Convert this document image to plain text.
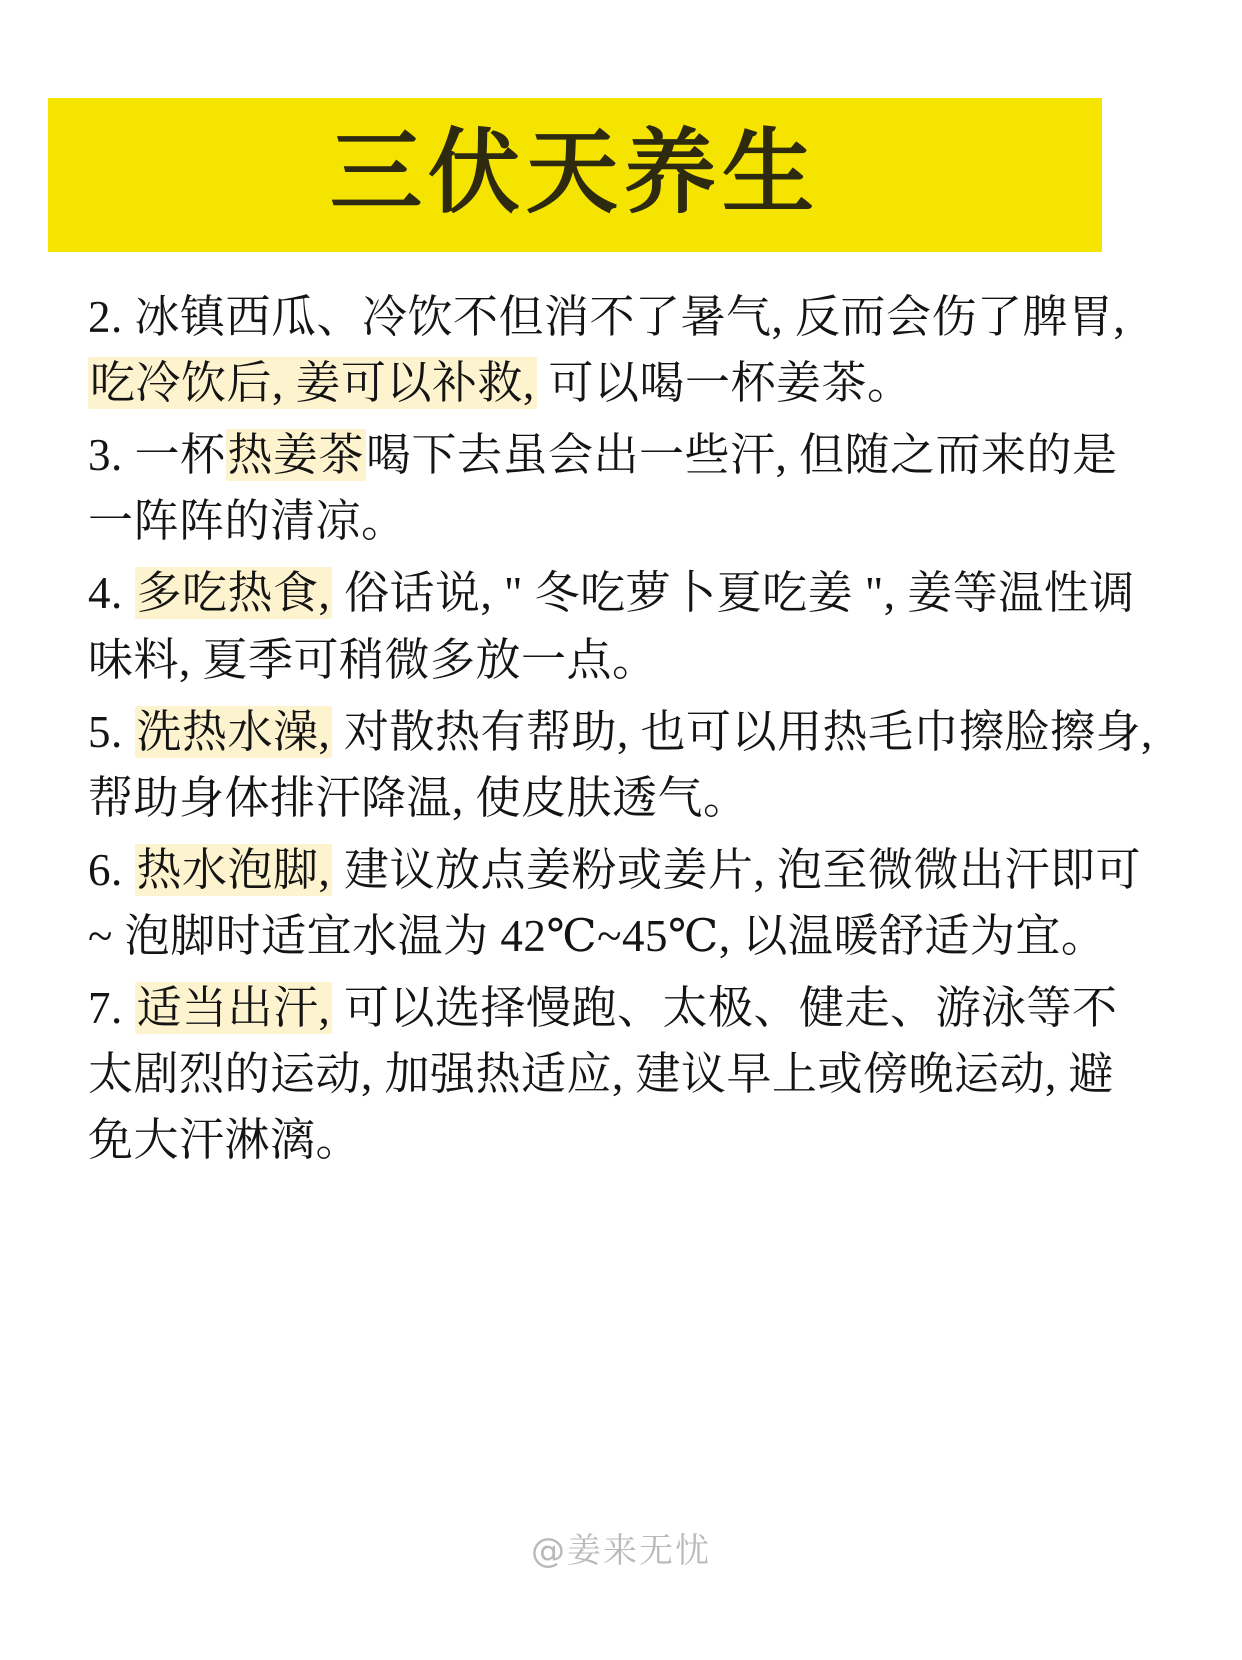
三伏天养生

2. 冰镇西瓜、冷饮不但消不了暑气, 反而会伤了脾胃, 吃冷饮后, 姜可以补救, 可以喝一杯姜茶。

3. 一杯热姜茶喝下去虽会出一些汗, 但随之而来的是一阵阵的清凉。

4. 多吃热食, 俗话说, " 冬吃萝卜夏吃姜 ", 姜等温性调味料, 夏季可稍微多放一点。

5. 洗热水澡, 对散热有帮助, 也可以用热毛巾擦脸擦身, 帮助身体排汗降温, 使皮肤透气。

6. 热水泡脚, 建议放点姜粉或姜片, 泡至微微出汗即可 ~ 泡脚时适宜水温为 42℃~45℃, 以温暖舒适为宜。

7. 适当出汗, 可以选择慢跑、太极、健走、游泳等不太剧烈的运动, 加强热适应, 建议早上或傍晚运动, 避免大汗淋漓。

@姜来无忧
